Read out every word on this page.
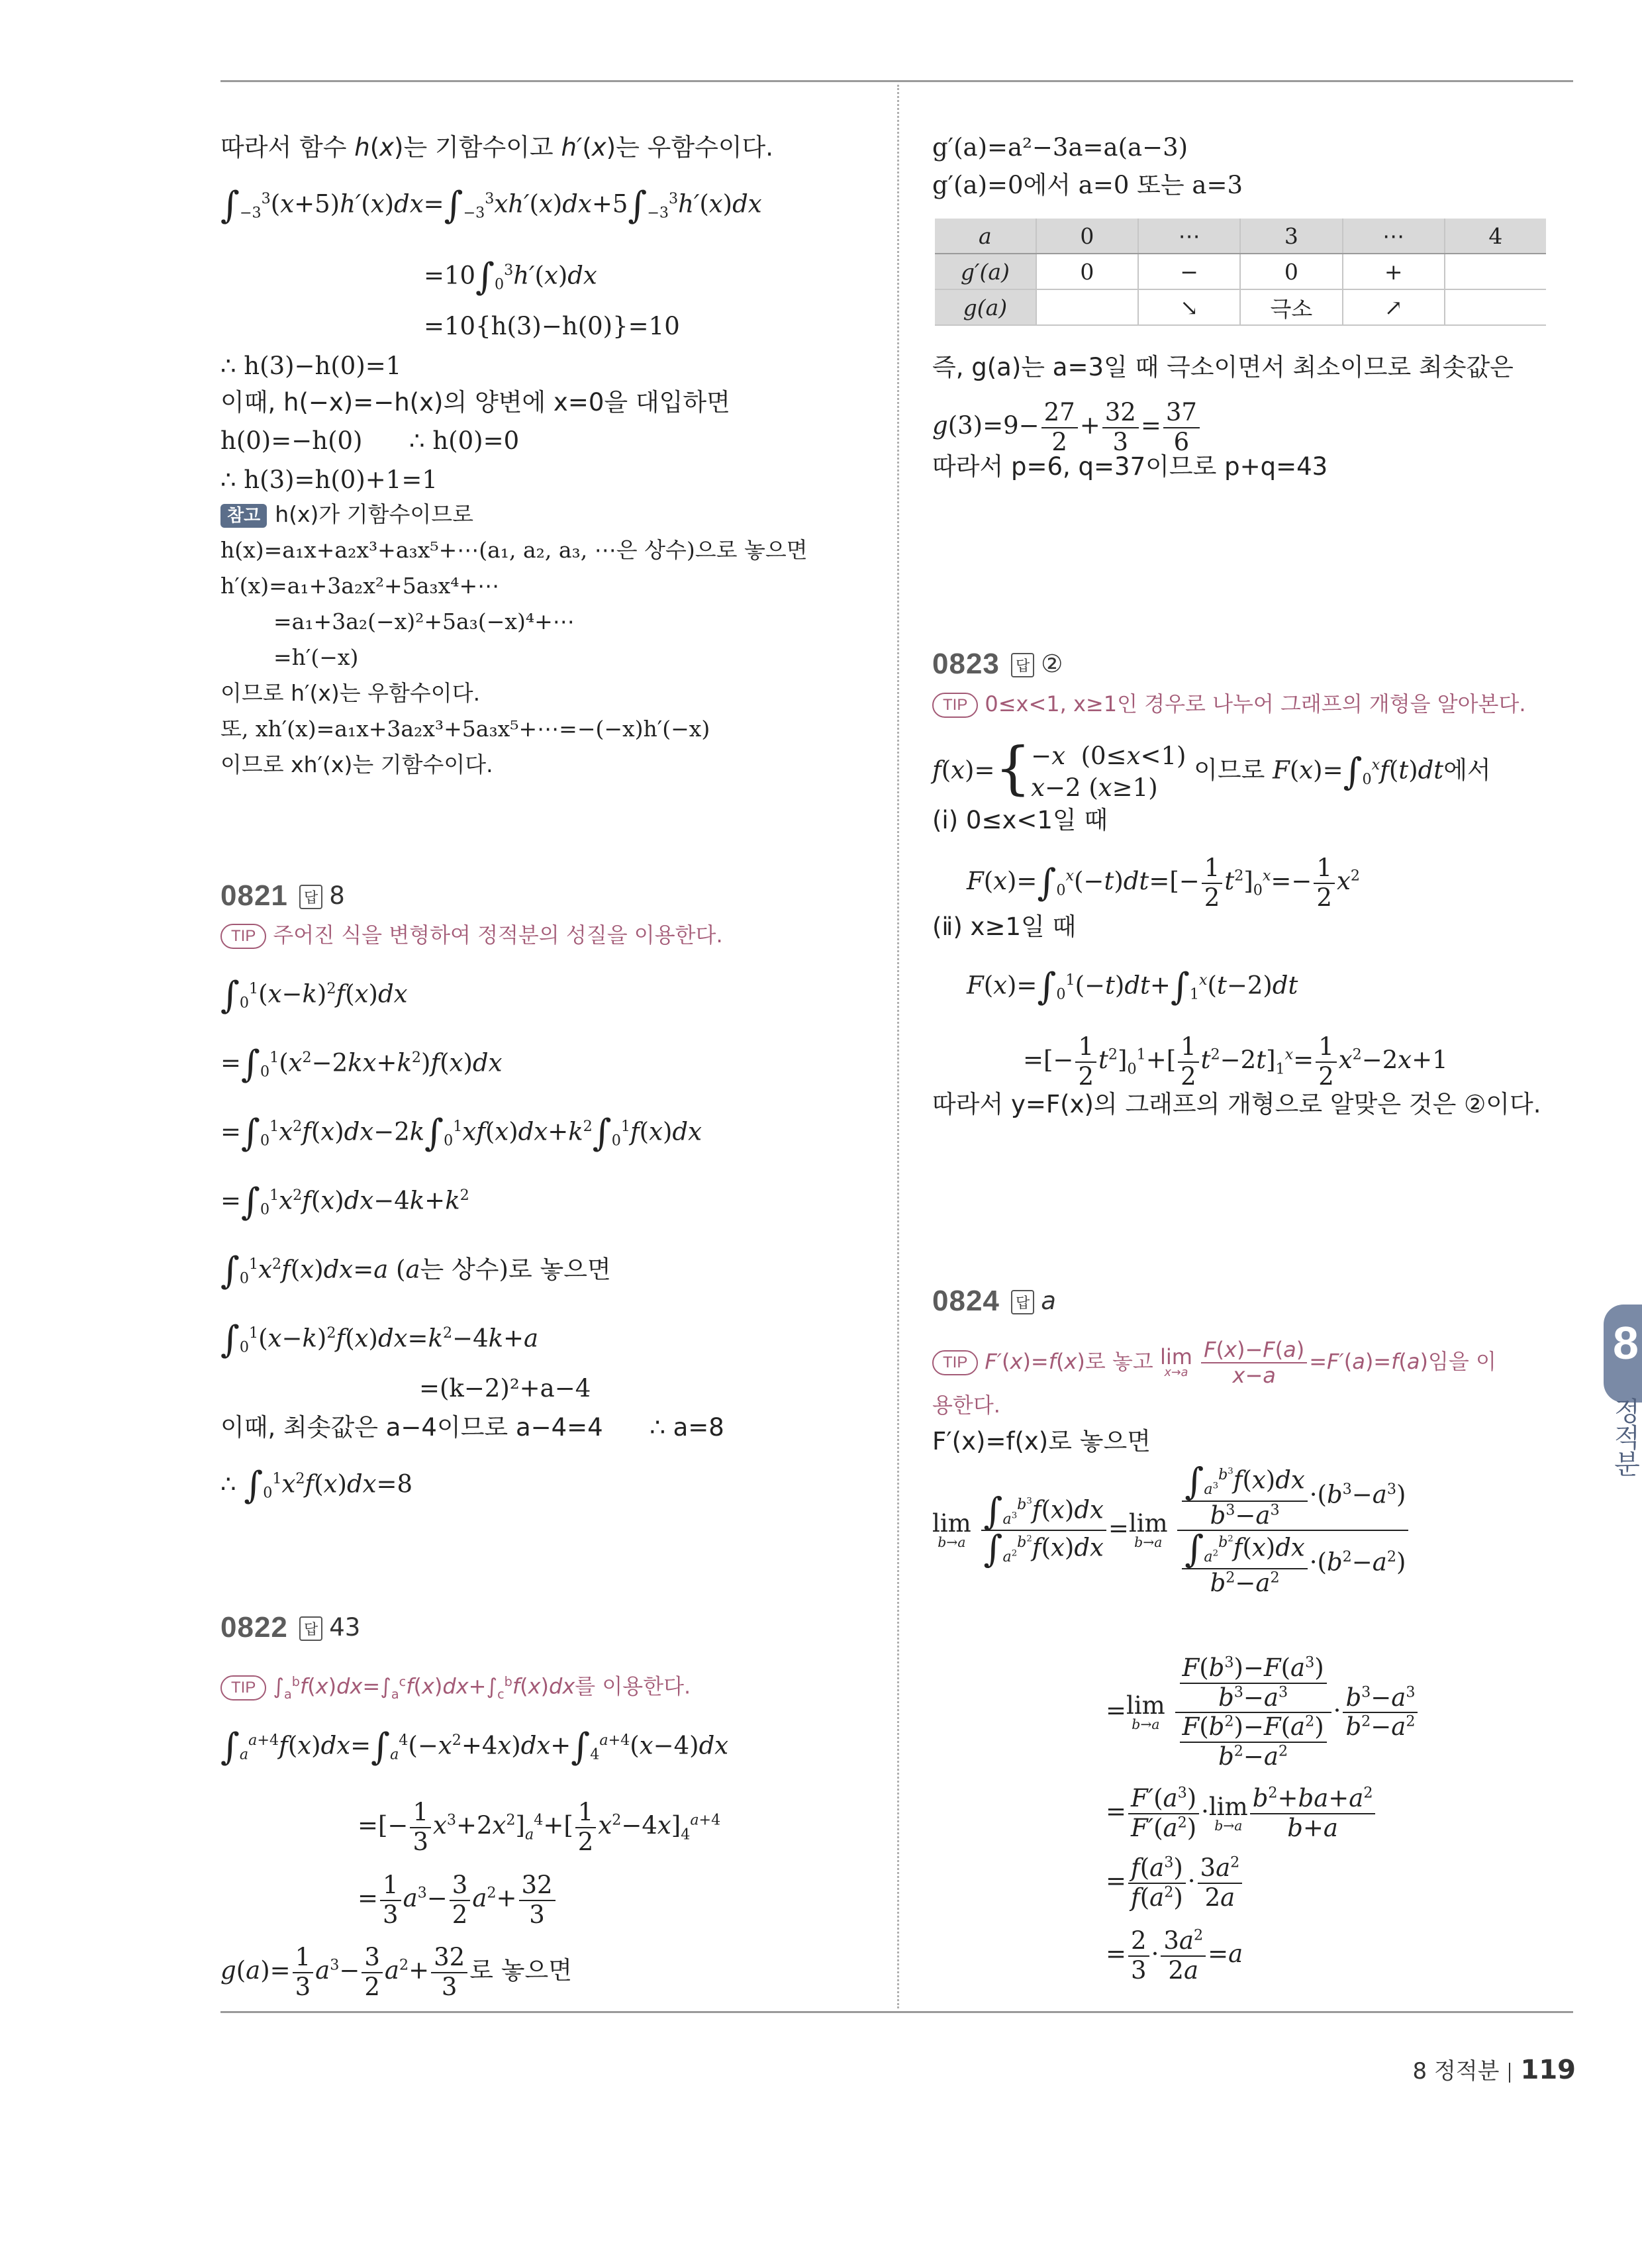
따라서 함수 h(x)는 기함수이고 h′(x)는 우함수이다.
$\int_{-3}^3(x+5)h'(x)dx=\int_{-3}^3xh'(x)dx+5\int_{-3}^3h'(x)dx$
$=10\int_0^3h'(x)dx$
=10{h(3)−h(0)}=10
∴ h(3)−h(0)=1
이때, h(−x)=−h(x)의 양변에 x=0을 대입하면
h(0)=−h(0)      ∴ h(0)=0
∴ h(3)=h(0)+1=1
참고 h(x)가 기함수이므로
h(x)=a₁x+a₂x³+a₃x⁵+⋯(a₁, a₂, a₃, ⋯은 상수)으로 놓으면
h′(x)=a₁+3a₂x²+5a₃x⁴+⋯
=a₁+3a₂(−x)²+5a₃(−x)⁴+⋯
=h′(−x)
이므로 h′(x)는 우함수이다.
또, xh′(x)=a₁x+3a₂x³+5a₃x⁵+⋯=−(−x)h′(−x)
이므로 xh′(x)는 기함수이다.
0821	답 8
TIP 주어진 식을 변형하여 정적분의 성질을 이용한다.
$\int_0^1(x-k)^2f(x)dx$
$=\int_0^1(x^2-2kx+k^2)f(x)dx$
$=\int_0^1x^2f(x)dx-2k\int_0^1xf(x)dx+k^2\int_0^1f(x)dx$
$=\int_0^1x^2f(x)dx-4k+k^2$
$\int_0^1x^2f(x)dx=a$ (a는 상수)로 놓으면
$\int_0^1(x-k)^2f(x)dx=k^2-4k+a$
=(k−2)²+a−4
이때, 최솟값은 a−4이므로 a−4=4      ∴ a=8
∴ $\int_0^1x^2f(x)dx=8$
0822	답 43
TIP $\int_a^bf(x)dx=\int_a^cf(x)dx+\int_c^bf(x)dx$를 이용한다.
$\int_a^{a+4}f(x)dx=\int_a^4(-x^2+4x)dx+\int_4^{a+4}(x-4)dx$
=[− $\frac{1}{3} x^3+2x^2]_a^4+[ \frac{1}{2} x^2-4x]_4^{a+4}$
= $\frac{1}{3} a^3- \frac{3}{2} a^2+ \frac{32}{3}$
$g(a)= \frac{1}{3} a^3- \frac{3}{2} a^2+ \frac{32}{3}$ 로 놓으면
g′(a)=a²−3a=a(a−3)
g′(a)=0에서 a=0 또는 a=3
a	0	⋯	3	⋯	4
g′(a)	0	−	0	+	
g(a)		↘	극소	↗	
즉, g(a)는 a=3일 때 극소이면서 최소이므로 최솟값은
$g(3)=9- \frac{27}{2} + \frac{32}{3} = \frac{37}{6}$
따라서 p=6, q=37이므로 p+q=43
0823	답 ②
TIP 0≤x<1, x≥1인 경우로 나누어 그래프의 개형을 알아본다.
f(x)={ −x  (0≤x<1)
x−2 (x≥1)
이므로 $F(x)=\int_0^xf(t)dt$에서
(ⅰ) 0≤x<1일 때
$F(x)=\int_0^x(-t)dt=[- \frac{1}{2} t^2]_0^x=- \frac{1}{2} x^2$
(ⅱ) x≥1일 때
$F(x)=\int_0^1(-t)dt+\int_1^x(t-2)dt$
=[− $\frac{1}{2} t^2]_0^1+[ \frac{1}{2} t^2-2t]_1^x= \frac{1}{2} x^2-2x+1$
따라서 y=F(x)의 그래프의 개형으로 알맞은 것은 ②이다.
0824	답 a
TIP F′(x)=f(x)로 놓고 lim
x→a
$\frac{F(x)-F(a)}{x-a} =F'(a)=f(a)$임을 이
용한다.
F′(x)=f(x)로 놓으면
lim
b→a
$\frac{\int_{a^3}^{b^3}f(x)dx}{\int_{a^2}^{b^2}f(x)dx} = \lim$
b→a
$\frac{\frac{\int_{a^3}^{b^3}f(x)dx}{b^3-a^3} \cdot(b^3-a^3)}{\frac{\int_{a^2}^{b^2}f(x)dx}{b^2-a^2} \cdot(b^2-a^2)}$
= lim
b→a
$\frac{\frac{F(b^3)-F(a^3)}{b^3-a^3}}{\frac{F(b^2)-F(a^2)}{b^2-a^2}} \cdot \frac{b^3-a^3}{b^2-a^2}$
= $\frac{F'(a^3)}{F'(a^2)} \cdot \lim$
$b\to a \frac{b^2+ba+a^2}{b+a}$
= $\frac{f(a^3)}{f(a^2)} \cdot \frac{3a^2}{2a}$
= $\frac{2}{3} \cdot \frac{3a^2}{2a} =a$
8
정적분
8 정적분 119
